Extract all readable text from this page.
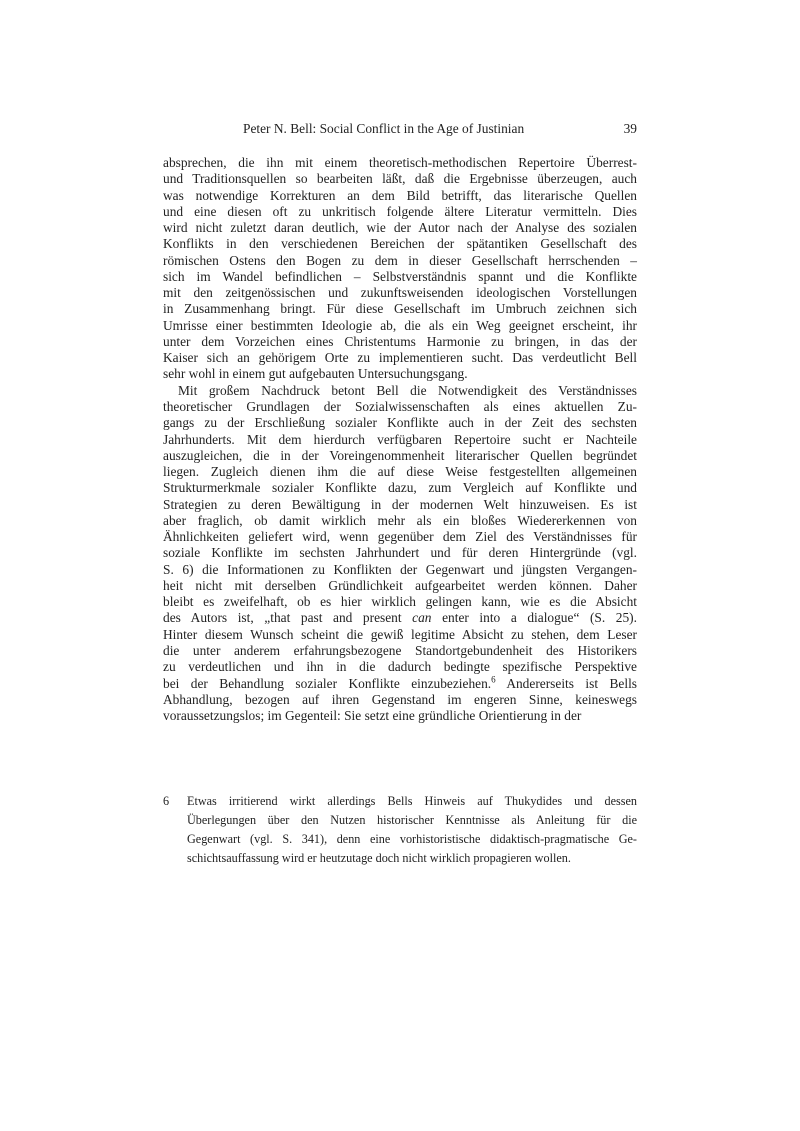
Peter N. Bell: Social Conflict in the Age of Justinian	39
absprechen, die ihn mit einem theoretisch-methodischen Repertoire Überrest-
und Traditionsquellen so bearbeiten läßt, daß die Ergebnisse überzeugen, auch
was notwendige Korrekturen an dem Bild betrifft, das literarische Quellen
und eine diesen oft zu unkritisch folgende ältere Literatur vermitteln. Dies
wird nicht zuletzt daran deutlich, wie der Autor nach der Analyse des sozialen
Konflikts in den verschiedenen Bereichen der spätantiken Gesellschaft des
römischen Ostens den Bogen zu dem in dieser Gesellschaft herrschenden –
sich im Wandel befindlichen – Selbstverständnis spannt und die Konflikte
mit den zeitgenössischen und zukunftsweisenden ideologischen Vorstellungen
in Zusammenhang bringt. Für diese Gesellschaft im Umbruch zeichnen sich
Umrisse einer bestimmten Ideologie ab, die als ein Weg geeignet erscheint, ihr
unter dem Vorzeichen eines Christentums Harmonie zu bringen, in das der
Kaiser sich an gehörigem Orte zu implementieren sucht. Das verdeutlicht Bell
sehr wohl in einem gut aufgebauten Untersuchungsgang.
Mit großem Nachdruck betont Bell die Notwendigkeit des Verständnisses
theoretischer Grundlagen der Sozialwissenschaften als eines aktuellen Zu-
gangs zu der Erschließung sozialer Konflikte auch in der Zeit des sechsten
Jahrhunderts. Mit dem hierdurch verfügbaren Repertoire sucht er Nachteile
auszugleichen, die in der Voreingenommenheit literarischer Quellen begründet
liegen. Zugleich dienen ihm die auf diese Weise festgestellten allgemeinen
Strukturmerkmale sozialer Konflikte dazu, zum Vergleich auf Konflikte und
Strategien zu deren Bewältigung in der modernen Welt hinzuweisen. Es ist
aber fraglich, ob damit wirklich mehr als ein bloßes Wiedererkennen von
Ähnlichkeiten geliefert wird, wenn gegenüber dem Ziel des Verständnisses für
soziale Konflikte im sechsten Jahrhundert und für deren Hintergründe (vgl.
S. 6) die Informationen zu Konflikten der Gegenwart und jüngsten Vergangen-
heit nicht mit derselben Gründlichkeit aufgearbeitet werden können. Daher
bleibt es zweifelhaft, ob es hier wirklich gelingen kann, wie es die Absicht
des Autors ist, „that past and present can enter into a dialogue“ (S. 25).
Hinter diesem Wunsch scheint die gewiß legitime Absicht zu stehen, dem Leser
die unter anderem erfahrungsbezogene Standortgebundenheit des Historikers
zu verdeutlichen und ihn in die dadurch bedingte spezifische Perspektive
bei der Behandlung sozialer Konflikte einzubeziehen.$^6$ Andererseits ist Bells
Abhandlung, bezogen auf ihren Gegenstand im engeren Sinne, keineswegs
voraussetzungslos; im Gegenteil: Sie setzt eine gründliche Orientierung in der
6 Etwas irritierend wirkt allerdings Bells Hinweis auf Thukydides und dessen
Überlegungen über den Nutzen historischer Kenntnisse als Anleitung für die
Gegenwart (vgl. S. 341), denn eine vorhistoristische didaktisch-pragmatische Ge-
schichtsauffassung wird er heutzutage doch nicht wirklich propagieren wollen.
